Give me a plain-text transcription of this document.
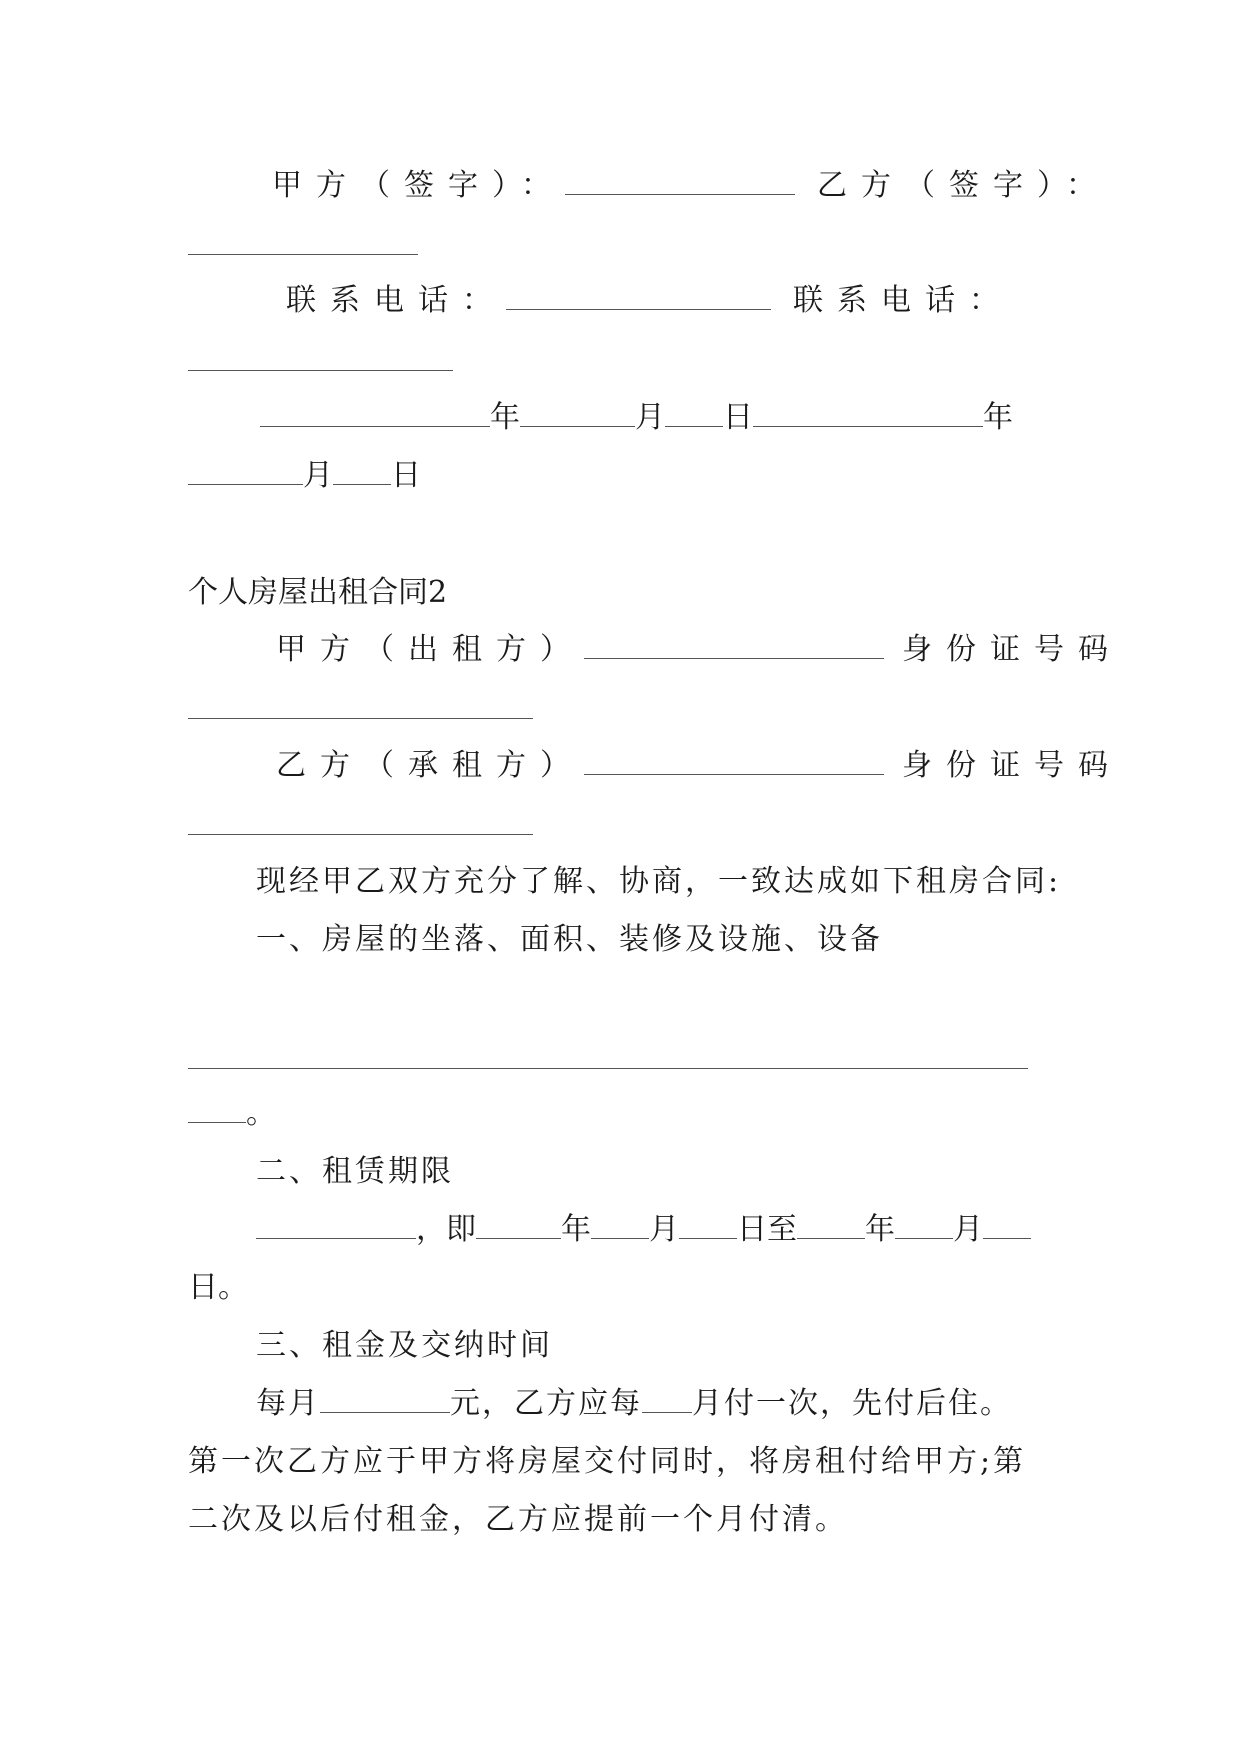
甲方（签字）：	乙方（签字）：
联系电话：	联系电话：
年	月 日	年
月 日
个人房屋出租合同2
甲方（出租方）	身份证号码
乙方（承租方）	身份证号码
现经甲乙双方充分了解、协商，一致达成如下租房合同:
一、房屋的坐落、面积、装修及设施、设备
。
二、租赁期限
，即	年 月 日至 年 月
日。
三、租金及交纳时间
每月	元，乙方应每 月付一次，先付后住。
第一次乙方应于甲方将房屋交付同时，将房租付给甲方;第
二次及以后付租金，乙方应提前一个月付清。
